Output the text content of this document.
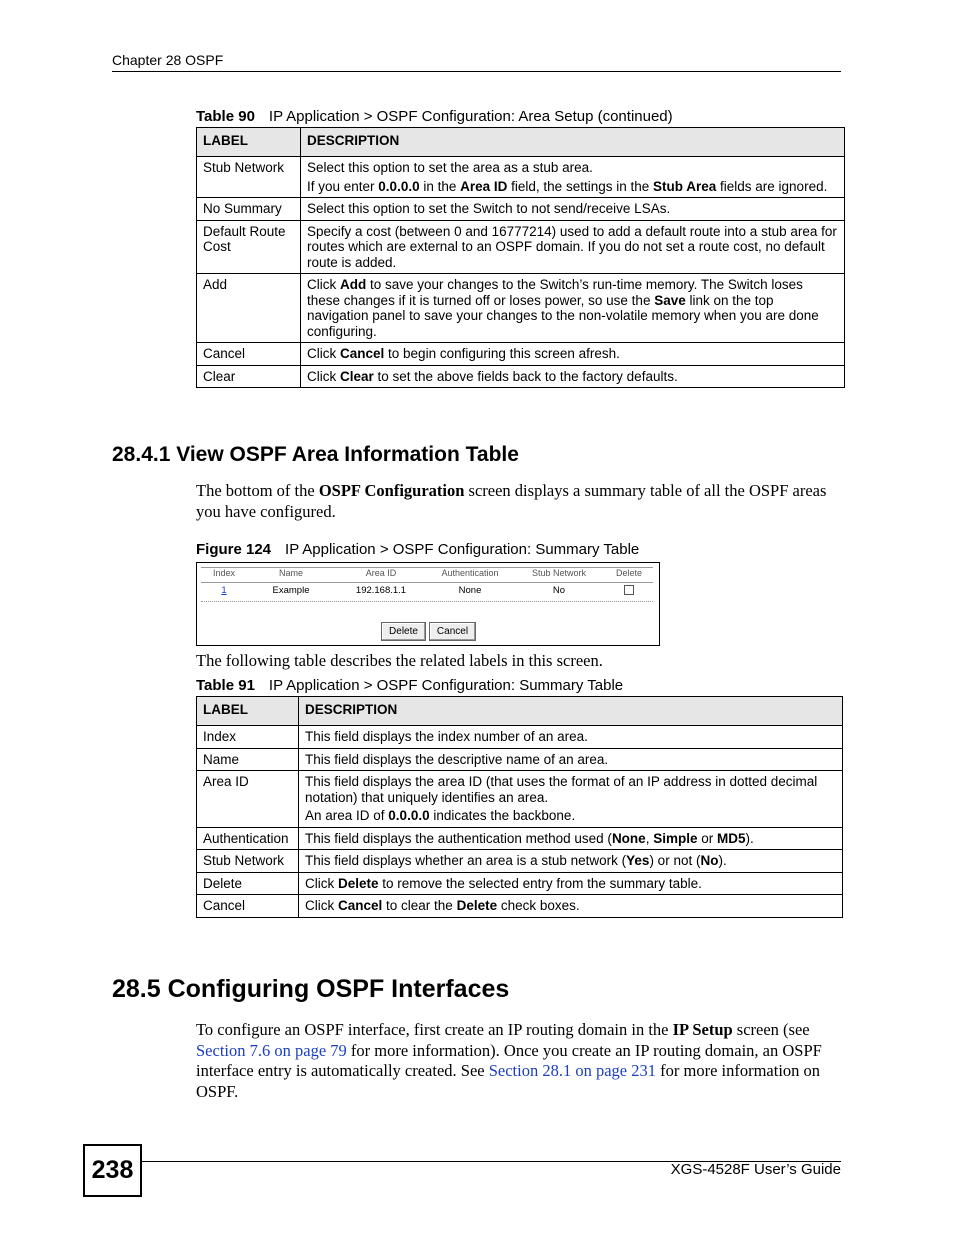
Chapter 28 OSPF
Table 90 IP Application > OSPF Configuration: Area Setup (continued)
LABEL	DESCRIPTION
Stub Network	Select this option to set the area as a stub area.

If you enter 0.0.0.0 in the Area ID field, the settings in the Stub Area fields are ignored.

No Summary	Select this option to set the Switch to not send/receive LSAs.
Default Route Cost	Specify a cost (between 0 and 16777214) used to add a default route into a stub area for routes which are external to an OSPF domain. If you do not set a route cost, no default route is added.
Add	Click Add to save your changes to the Switch’s run-time memory. The Switch loses these changes if it is turned off or loses power, so use the Save link on the top navigation panel to save your changes to the non-volatile memory when you are done configuring.
Cancel	Click Cancel to begin configuring this screen afresh.
Clear	Click Clear to set the above fields back to the factory defaults.
28.4.1 View OSPF Area Information Table
The bottom of the OSPF Configuration screen displays a summary table of all the OSPF areas you have configured.
Figure 124 IP Application > OSPF Configuration: Summary Table
Index	Name	Area ID	Authentication	Stub Network	Delete
1	Example	192.168.1.1	None	No
Delete	Cancel
The following table describes the related labels in this screen.
Table 91 IP Application > OSPF Configuration: Summary Table
LABEL	DESCRIPTION
Index	This field displays the index number of an area.
Name	This field displays the descriptive name of an area.
Area ID	This field displays the area ID (that uses the format of an IP address in dotted decimal notation) that uniquely identifies an area.

An area ID of 0.0.0.0 indicates the backbone.

Authentication	This field displays the authentication method used (None, Simple or MD5).
Stub Network	This field displays whether an area is a stub network (Yes) or not (No).
Delete	Click Delete to remove the selected entry from the summary table.
Cancel	Click Cancel to clear the Delete check boxes.
28.5 Configuring OSPF Interfaces
To configure an OSPF interface, first create an IP routing domain in the IP Setup screen (see Section 7.6 on page 79 for more information). Once you create an IP routing domain, an OSPF interface entry is automatically created. See Section 28.1 on page 231 for more information on OSPF.
238	XGS-4528F User’s Guide
